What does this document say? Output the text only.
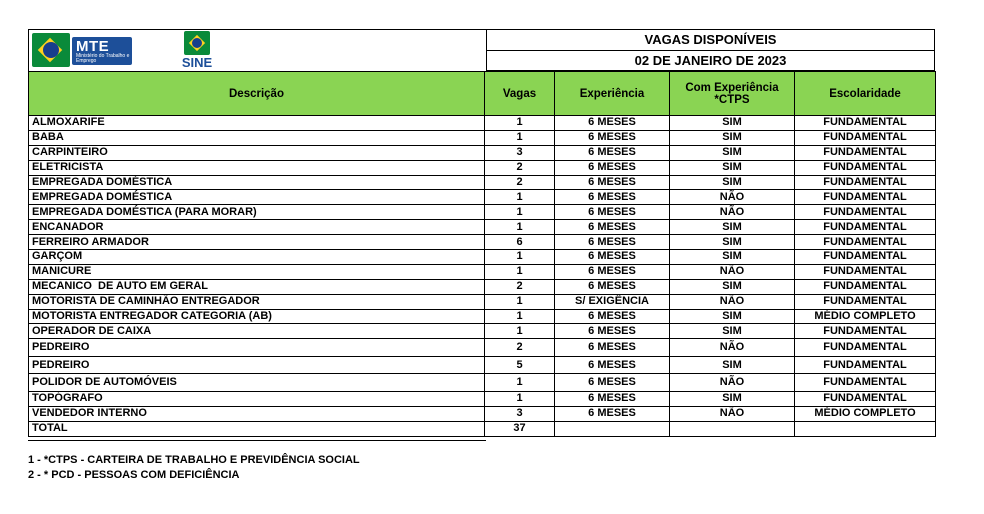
MTE
Ministério do Trabalho e Emprego	SINE
VAGAS DISPONÍVEIS
02 DE JANEIRO DE 2023
Descrição	Vagas	Experiência	Com Experiência *CTPS	Escolaridade
ALMOXARIFE	1	6 MESES	SIM	FUNDAMENTAL
BABA	1	6 MESES	SIM	FUNDAMENTAL
CARPINTEIRO	3	6 MESES	SIM	FUNDAMENTAL
ELETRICISTA	2	6 MESES	SIM	FUNDAMENTAL
EMPREGADA DOMÉSTICA	2	6 MESES	SIM	FUNDAMENTAL
EMPREGADA DOMÉSTICA	1	6 MESES	NÃO	FUNDAMENTAL
EMPREGADA DOMÉSTICA (PARA MORAR)	1	6 MESES	NÃO	FUNDAMENTAL
ENCANADOR	1	6 MESES	SIM	FUNDAMENTAL
FERREIRO ARMADOR	6	6 MESES	SIM	FUNDAMENTAL
GARÇOM	1	6 MESES	SIM	FUNDAMENTAL
MANICURE	1	6 MESES	NÃO	FUNDAMENTAL
MECANICO  DE AUTO EM GERAL	2	6 MESES	SIM	FUNDAMENTAL
MOTORISTA DE CAMINHÃO ENTREGADOR	1	S/ EXIGÊNCIA	NÃO	FUNDAMENTAL
MOTORISTA ENTREGADOR CATEGORIA (AB)	1	6 MESES	SIM	MÉDIO COMPLETO
OPERADOR DE CAIXA	1	6 MESES	SIM	FUNDAMENTAL
PEDREIRO	2	6 MESES	NÃO	FUNDAMENTAL
PEDREIRO	5	6 MESES	SIM	FUNDAMENTAL
POLIDOR DE AUTOMÓVEIS	1	6 MESES	NÃO	FUNDAMENTAL
TOPÓGRAFO	1	6 MESES	SIM	FUNDAMENTAL
VENDEDOR INTERNO	3	6 MESES	NÃO	MÉDIO COMPLETO
TOTAL	37			
1 - *CTPS - CARTEIRA DE TRABALHO E PREVIDÊNCIA SOCIAL
2 - * PCD - PESSOAS COM DEFICIÊNCIA
